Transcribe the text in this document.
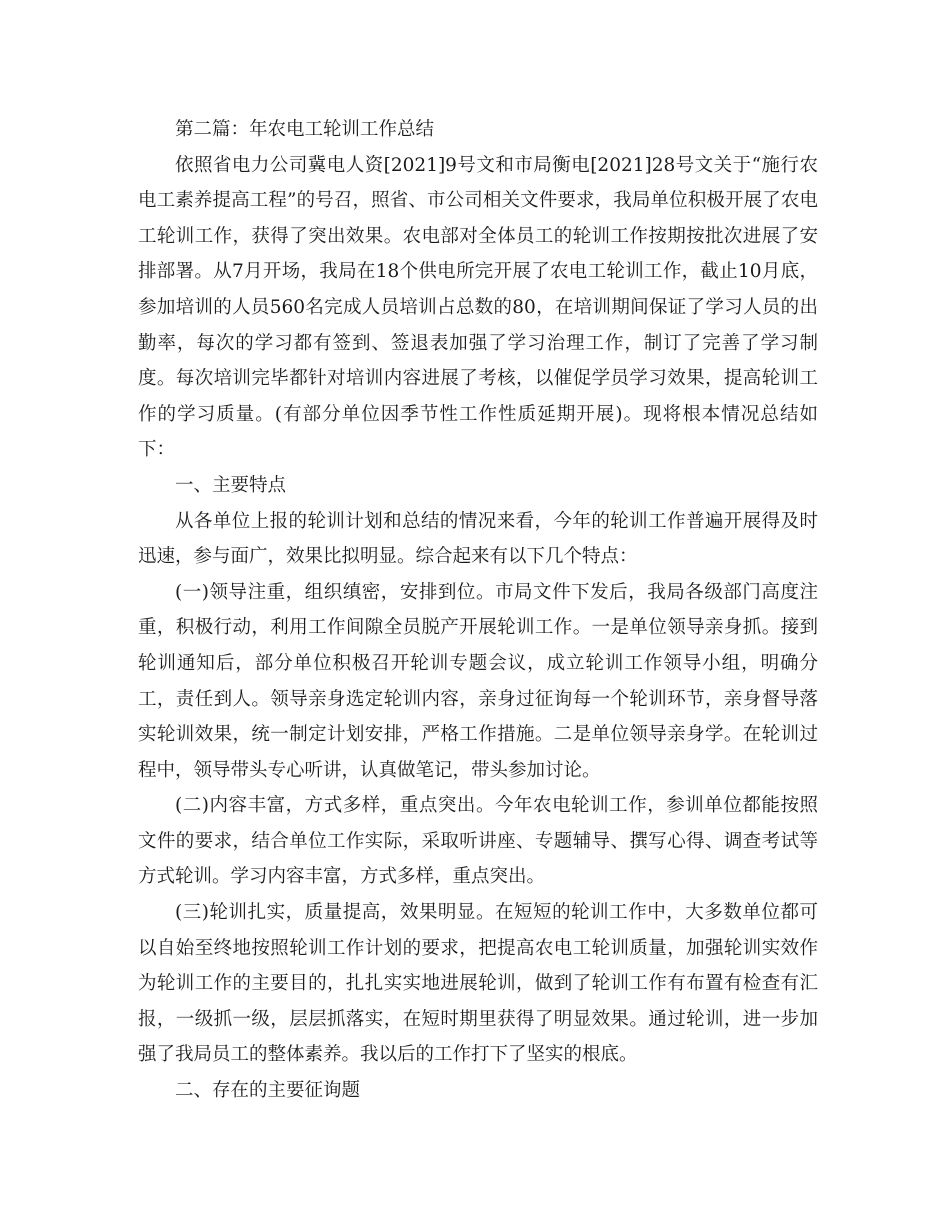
第二篇：年农电工轮训工作总结

依照省电力公司冀电人资[2021]9号文和市局衡电[2021]28号文关于“施行农电工素养提高工程”的号召，照省、市公司相关文件要求，我局单位积极开展了农电工轮训工作，获得了突出效果。农电部对全体员工的轮训工作按期按批次进展了安排部署。从7月开场，我局在18个供电所完开展了农电工轮训工作，截止10月底，参加培训的人员560名完成人员培训占总数的80，在培训期间保证了学习人员的出勤率，每次的学习都有签到、签退表加强了学习治理工作，制订了完善了学习制度。每次培训完毕都针对培训内容进展了考核，以催促学员学习效果，提高轮训工作的学习质量。(有部分单位因季节性工作性质延期开展)。现将根本情况总结如下：

一、主要特点

从各单位上报的轮训计划和总结的情况来看，今年的轮训工作普遍开展得及时迅速，参与面广，效果比拟明显。综合起来有以下几个特点：

(一)领导注重，组织缜密，安排到位。市局文件下发后，我局各级部门高度注重，积极行动，利用工作间隙全员脱产开展轮训工作。一是单位领导亲身抓。接到轮训通知后，部分单位积极召开轮训专题会议，成立轮训工作领导小组，明确分工，责任到人。领导亲身选定轮训内容，亲身过征询每一个轮训环节，亲身督导落实轮训效果，统一制定计划安排，严格工作措施。二是单位领导亲身学。在轮训过程中，领导带头专心听讲，认真做笔记，带头参加讨论。

(二)内容丰富，方式多样，重点突出。今年农电轮训工作，参训单位都能按照文件的要求，结合单位工作实际，采取听讲座、专题辅导、撰写心得、调查考试等方式轮训。学习内容丰富，方式多样，重点突出。

(三)轮训扎实，质量提高，效果明显。在短短的轮训工作中，大多数单位都可以自始至终地按照轮训工作计划的要求，把提高农电工轮训质量，加强轮训实效作为轮训工作的主要目的，扎扎实实地进展轮训，做到了轮训工作有布置有检查有汇报，一级抓一级，层层抓落实，在短时期里获得了明显效果。通过轮训，进一步加强了我局员工的整体素养。我以后的工作打下了坚实的根底。

二、存在的主要征询题
